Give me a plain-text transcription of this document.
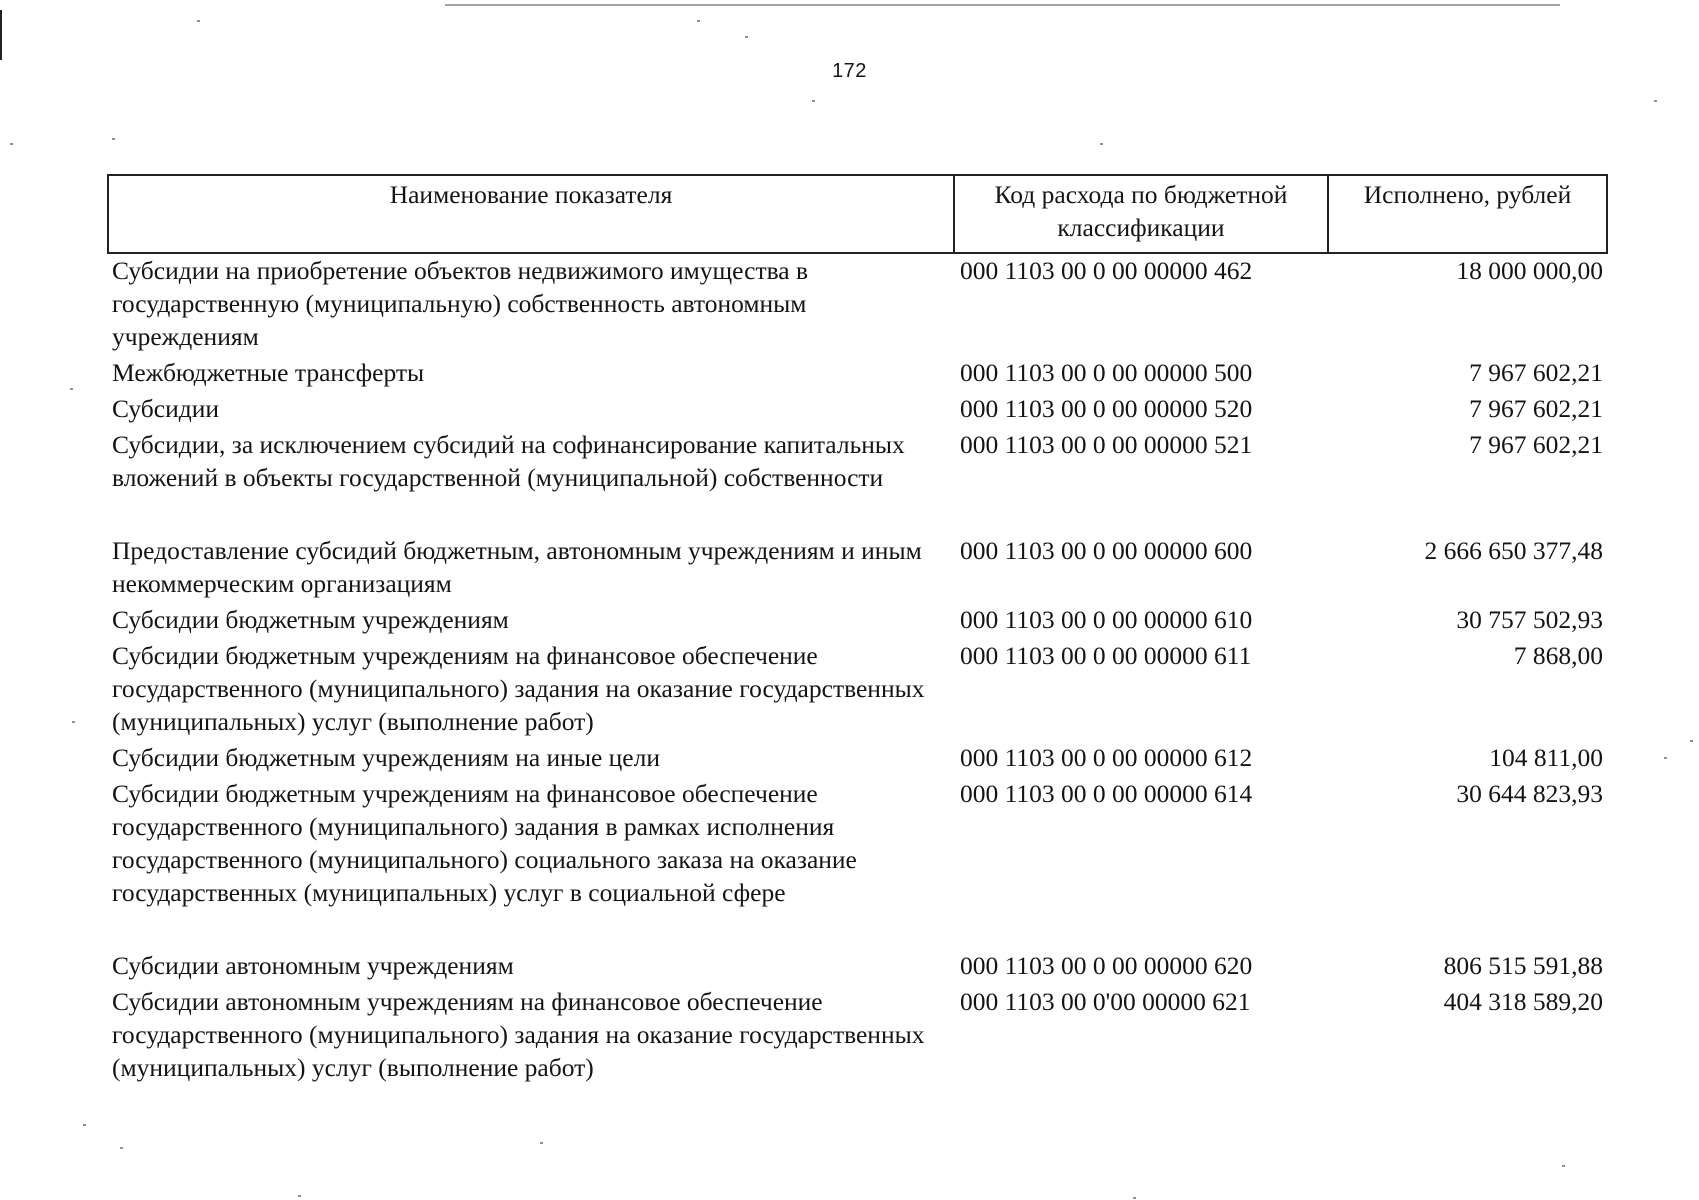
172
Наименование показателя	Код расхода по бюджетной классификации	Исполнено, рублей
Субсидии на приобретение объектов недвижимого имущества в государственную (муниципальную) собственность автономным учреждениям	000 1103 00 0 00 00000 462	18 000 000,00
Межбюджетные трансферты	000 1103 00 0 00 00000 500	7 967 602,21
Субсидии	000 1103 00 0 00 00000 520	7 967 602,21
Субсидии, за исключением субсидий на софинансирование капитальных вложений в объекты государственной (муниципальной) собственности	000 1103 00 0 00 00000 521	7 967 602,21
Предоставление субсидий бюджетным, автономным учреждениям и иным некоммерческим организациям	000 1103 00 0 00 00000 600	2 666 650 377,48
Субсидии бюджетным учреждениям	000 1103 00 0 00 00000 610	30 757 502,93
Субсидии бюджетным учреждениям на финансовое обеспечение государственного (муниципального) задания на оказание государственных (муниципальных) услуг (выполнение работ)	000 1103 00 0 00 00000 611	7 868,00
Субсидии бюджетным учреждениям на иные цели	000 1103 00 0 00 00000 612	104 811,00
Субсидии бюджетным учреждениям на финансовое обеспечение государственного (муниципального) задания в рамках исполнения государственного (муниципального) социального заказа на оказание государственных (муниципальных) услуг в социальной сфере	000 1103 00 0 00 00000 614	30 644 823,93
Субсидии автономным учреждениям	000 1103 00 0 00 00000 620	806 515 591,88
Субсидии автономным учреждениям на финансовое обеспечение государственного (муниципального) задания на оказание государственных (муниципальных) услуг (выполнение работ)	000 1103 00 0'00 00000 621	404 318 589,20
